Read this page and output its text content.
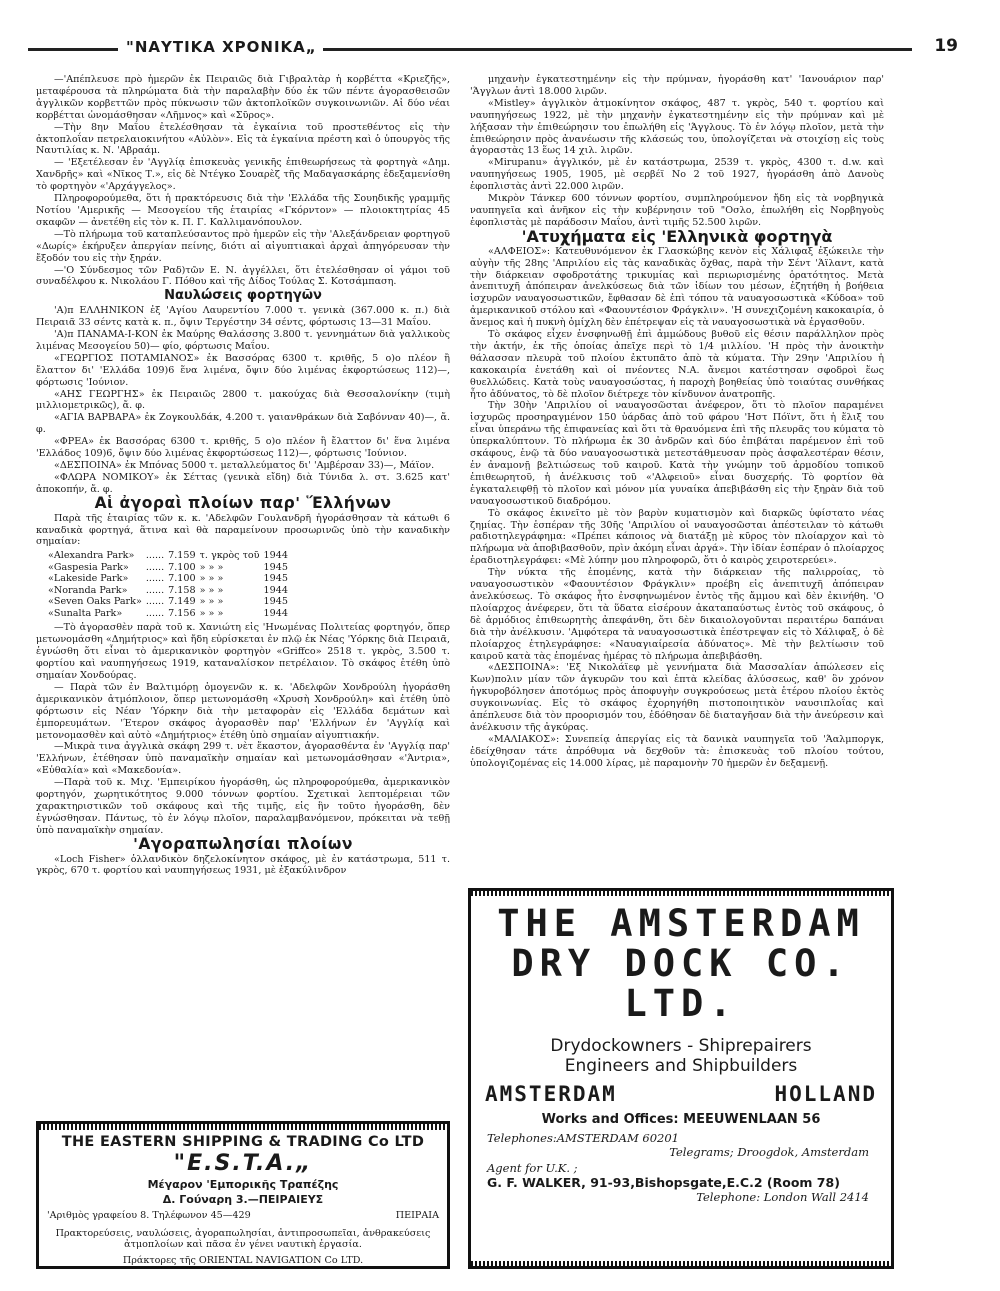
"ΝΑΥΤΙΚΑ ΧΡΟΝΙΚΑ„	19

—'Απέπλευσε πρὸ ἡμερῶν ἐκ Πειραιῶς διὰ Γιβραλτὰρ ἡ κορβέττα «Κριεζῆς», μεταφέρουσα τὰ πληρώματα διὰ τὴν παραλαβὴν δύο ἐκ τῶν πέντε ἀγορασθεισῶν ἀγγλικῶν κορβεττῶν πρὸς πύκνωσιν τῶν ἀκτοπλοϊκῶν συγκοινωνιῶν. Αἱ δύο νέαι κορβέτται ὠνομάσθησαν «Λῆμνος» καὶ «Σῦρος».

—Τὴν 8ην Μαΐου ἐτελέσθησαν τὰ ἐγκαίνια τοῦ προστεθέντος εἰς τὴν ἀκτοπλοΐαν πετρελαιοκινήτου «Αὐλὸν». Εἰς τὰ ἐγκαίνια πρέστη καὶ ὁ ὑπουργὸς τῆς Ναυτιλίας κ. Ν. 'Αβραάμ.

— 'Εξετέλεσαν ἐν 'Αγγλίᾳ ἐπισκευὰς γενικῆς ἐπιθεωρήσεως τὰ φορτηγὰ «Δημ. Χανδρῆς» καὶ «Νῖκος Τ.», εἰς δὲ Ντέγκο Σουαρὲζ τῆς Μαδαγασκάρης ἐδεξαμενίσθη τὸ φορτηγὸν «'Αρχάγγελος».

Πληροφορούμεθα, ὅτι ἡ πρακτόρευσις διὰ τὴν 'Ελλάδα τῆς Σουηδικῆς γραμμῆς Νοτίου 'Αμερικῆς — Μεσογείου τῆς ἑταιρίας «Γκόρντον» — πλοιοκτητρίας 45 σκαφῶν — ἀνετέθη εἰς τὸν κ. Π. Γ. Καλλιμανόπουλον.

—Τὸ πλήρωμα τοῦ καταπλεύσαντος πρὸ ἡμερῶν εἰς τὴν 'Αλεξάνδρειαν φορτηγοῦ «Δωρίς» ἐκήρυξεν ἀπεργίαν πείνης, διότι αἱ αἰγυπτιακαὶ ἀρχαὶ ἀπηγόρευσαν τὴν ἔξοδόν του εἰς τὴν ξηράν.

—'Ο Σύνδεσμος τῶν Ραδ)τῶν Ε. Ν. ἀγγέλλει, ὅτι ἐτελέσθησαν οἱ γάμοι τοῦ συναδέλφου κ. Νικολάου Γ. Πόθου καὶ τῆς Δίδος Τούλας Σ. Κοτσάμπαση.

Ναυλώσεις φορτηγῶν

'Α)π ΕΛΛΗΝΙΚΟΝ ἐξ 'Αγίου Λαυρεντίου 7.000 τ. γενικὰ (367.000 κ. π.) διὰ Πειραιᾶ 33 σέντς κατὰ κ. π., ὄψιν Τεργέστην 34 σέντς, φόρτωσις 13—31 Μαΐου.

'Α)π ΠΑΝΑΜΑ-Ι-ΚΟΝ ἐκ Μαύρης Θαλάσσης 3.800 τ. γεννημάτων διὰ γαλλικοὺς λιμένας Μεσογείου 50)— φίο, φόρτωσις Μαΐου.

«ΓΕΩΡΓΙΟΣ ΠΟΤΑΜΙΑΝΟΣ» ἐκ Βασσόρας 6300 τ. κριθῆς, 5 ο)ο πλέον ἢ ἔλαττον δι' 'Ελλάδα 109)6 ἕνα λιμένα, ὄψιν δύο λιμένας ἐκφορτώσεως 112)—, φόρτωσις 'Ιούνιον.

«ΑΗΣ ΓΕΩΡΓΗΣ» ἐκ Πειραιῶς 2800 τ. μακούχας διὰ Θεσσαλονίκην (τιμὴ μιλλιομετρικῶς), ἄ. φ.

«ΑΓΙΑ ΒΑΡΒΑΡΑ» ἐκ Ζογκουλδάκ, 4.200 τ. γαιανθράκων διὰ Σαβόνναν 40)—, ἄ. φ.

«ΦΡΕΑ» ἐκ Βασσόρας 6300 τ. κριθῆς, 5 ο)ο πλέον ἢ ἔλαττον δι' ἕνα λιμένα 'Ελλάδος 109)6, ὄψιν δύο λιμένας ἐκφορτώσεως 112)—, φόρτωσις 'Ιούνιον.

«ΔΕΣΠΟΙΝΑ» ἐκ Μπόνας 5000 τ. μεταλλεύματος δι' 'Αμβέρσαν 33)—, Μάϊον.

«ΦΛΩΡΑ ΝΟΜΙΚΟΥ» ἐκ Σέττας (γενικὰ εἴδη) διὰ Τύνιδα λ. στ. 3.625 κατ' ἀποκοπήν, ἄ. φ.

Αἱ ἀγοραὶ πλοίων παρ' Ἕλλήνων

Παρὰ τῆς ἑταιρίας τῶν κ. κ. 'Αδελφῶν Γουλανδρῆ ἠγοράσθησαν τὰ κάτωθι 6 καναδικὰ φορτηγά, ἅτινα καὶ θὰ παραμείνουν προσωρινῶς ὑπὸ τὴν καναδικὴν σημαίαν:

«Alexandra Park»	......	7.159	τ. γκρὸς τοῦ	1944
«Gaspesia Park»	......	7.100	» » »	1945
«Lakeside Park»	......	7.100	» » »	1945
«Noranda Park»	......	7.158	» » »	1944
«Seven Oaks Park»	......	7.149	» » »	1945
«Sunalta Park»	......	7.156	» » »	1944

—Τὸ ἀγορασθὲν παρὰ τοῦ κ. Χανιώτη εἰς 'Ηνωμένας Πολιτείας φορτηγόν, ὅπερ μετωνομάσθη «Δημήτριος» καὶ ἤδη εὑρίσκεται ἐν πλῷ ἐκ Νέας 'Υόρκης διὰ Πειραιᾶ, ἐγνώσθη ὅτι εἶναι τὸ ἀμερικανικὸν φορτηγὸν «Griffco» 2518 τ. γκρὸς, 3.500 τ. φορτίου καὶ ναυπηγήσεως 1919, καταναλίσκον πετρέλαιον. Τὸ σκάφος ἐτέθη ὑπὸ σημαίαν Χονδούρας.

— Παρὰ τῶν ἐν Βαλτιμόρῃ ὁμογενῶν κ. κ. 'Αδελφῶν Χονδρούλη ἠγοράσθη ἀμερικανικὸν ἀτμόπλοιον, ὅπερ μετωνομάσθη «Χρυσὴ Χονδρούλη» καὶ ἐτέθη ὑπὸ φόρτωσιν εἰς Νέαν 'Υόρκην διὰ τὴν μεταφορὰν εἰς 'Ελλάδα δεμάτων καὶ ἐμπορευμάτων. 'Έτερον σκάφος ἀγορασθὲν παρ' 'Ελλήνων ἐν 'Αγγλίᾳ καὶ μετονομασθὲν καὶ αὐτὸ «Δημήτριος» ἐτέθη ὑπὸ σημαίαν αἰγυπτιακήν.

—Μικρὰ τινα ἀγγλικὰ σκάφη 299 τ. νὲτ ἕκαστον, ἀγορασθέντα ἐν 'Αγγλίᾳ παρ' 'Ελλήνων, ἐτέθησαν ὑπὸ παναμαϊκὴν σημαίαν καὶ μετωνομάσθησαν «'Άντρια», «Εὐθαλία» καὶ «Μακεδονία».

—Παρὰ τοῦ κ. Μιχ. 'Εμπειρίκου ἠγοράσθη, ὡς πληροφορούμεθα, ἀμερικανικὸν φορτηγόν, χωρητικότητος 9.000 τόννων φορτίου. Σχετικαὶ λεπτομέρειαι τῶν χαρακτηριστικῶν τοῦ σκάφους καὶ τῆς τιμῆς, εἰς ἣν τοῦτο ἠγοράσθη, δὲν ἐγνώσθησαν. Πάντως, τὸ ἐν λόγῳ πλοῖον, παραλαμβανόμενον, πρόκειται νὰ τεθῇ ὑπὸ παναμαϊκὴν σημαίαν.

'Αγοραπωλησίαι πλοίων

«Loch Fisher» ὁλλανδικὸν δηζελοκίνητον σκάφος, μὲ ἐν κατάστρωμα, 511 τ. γκρὸς, 670 τ. φορτίου καὶ ναυπηγήσεως 1931, μὲ ἐξακύλινδρον

μηχανὴν ἐγκατεστημένην εἰς τὴν πρύμναν, ἠγοράσθη κατ' 'Ιανουάριον παρ' 'Άγγλων ἀντὶ 18.000 λιρῶν.

«Mistley» ἀγγλικὸν ἀτμοκίνητον σκάφος, 487 τ. γκρὸς, 540 τ. φορτίου καὶ ναυπηγήσεως 1922, μὲ τὴν μηχανὴν ἐγκατεστημένην εἰς τὴν πρύμναν καὶ μὲ λήξασαν τὴν ἐπιθεώρησιν του ἐπωλήθη εἰς 'Άγγλους. Τὸ ἐν λόγῳ πλοῖον, μετὰ τὴν ἐπιθεώρησιν πρὸς ἀνανέωσιν τῆς κλάσεώς του, ὑπολογίζεται νὰ στοιχίσῃ εἰς τοὺς ἀγοραστὰς 13 ἕως 14 χιλ. λιρῶν.

«Mirupanu» ἀγγλικόν, μὲ ἐν κατάστρωμα, 2539 τ. γκρὸς, 4300 τ. d.w. καὶ ναυπηγήσεως 1905, 1905, μὲ σερβέϊ No 2 τοῦ 1927, ἠγοράσθη ἀπὸ Δανοὺς ἐφοπλιστὰς ἀντὶ 22.000 λιρῶν.

Μικρὸν Τάνκερ 600 τόννων φορτίου, συμπληρούμενον ἤδη εἰς τὰ νορβηγικὰ ναυπηγεῖα καὶ ἀνῆκον εἰς τὴν κυβέρνησιν τοῦ "Οσλο, ἐπωλήθη εἰς Νορβηγοὺς ἐφοπλιστὰς μὲ παράδοσιν Μαΐου, ἀντὶ τιμῆς 52.500 λιρῶν.

'Ατυχήματα εἰς 'Ελληνικὰ φορτηγὰ

«ΑΛΦΕΙΟΣ»: Κατευθυνόμενον ἐκ Γλασκώβης κενὸν εἰς Χάλιφαξ ἐξώκειλε τὴν αὐγὴν τῆς 28ης 'Απριλίου εἰς τὰς καναδικὰς ὄχθας, παρὰ τὴν Σέντ 'Άϊλαντ, κατὰ τὴν διάρκειαν σφοδροτάτης τρικυμίας καὶ περιωρισμένης ὁρατότητος. Μετὰ ἀνεπιτυχῆ ἀπόπειραν ἀνελκύσεως διὰ τῶν ἰδίων του μέσων, ἐζητήθη ἡ βοήθεια ἰσχυρῶν ναυαγοσωστικῶν, ἔφθασαν δὲ ἐπὶ τόπου τὰ ναυαγοσωστικὰ «Κύδοα» τοῦ ἀμερικανικοῦ στόλου καὶ «Φαουντέσιον Φράγκλιν». 'Η συνεχιζομένη κακοκαιρία, ὁ ἄνεμος καὶ ἡ πυκνὴ ὁμίχλη δὲν ἐπέτρεψαν εἰς τὰ ναυαγοσωστικὰ νὰ ἐργασθοῦν.

Τὸ σκάφος εἶχεν ἐνσφηνωθῇ ἐπὶ ἀμμώδους βυθοῦ εἰς θέσιν παράλληλον πρὸς τὴν ἀκτήν, ἐκ τῆς ὁποίας ἀπεῖχε περὶ τὸ 1/4 μιλλίου. 'Η πρὸς τὴν ἀνοικτὴν θάλασσαν πλευρὰ τοῦ πλοίου ἐκτυπᾶτο ἀπὸ τὰ κύματα. Τὴν 29ην 'Απριλίου ἡ κακοκαιρία ἐνετάθη καὶ οἱ πνέοντες Ν.Α. ἄνεμοι κατέστησαν σφοδροὶ ἕως θυελλώδεις. Κατὰ τοὺς ναυαγοσώστας, ἡ παροχὴ βοηθείας ὑπὸ τοιαύτας συνθήκας ἦτο ἀδύνατος, τὸ δὲ πλοῖον διέτρεχε τὸν κίνδυνον ἀνατροπῆς.

Τὴν 30ὴν 'Απριλίου οἱ ναυαγοσῶσται ἀνέφερον, ὅτι τὸ πλοῖον παραμένει ἰσχυρῶς προσηραγμένον 150 ὑάρδας ἀπὸ τοῦ φάρου 'Ηστ Πόϊντ, ὅτι ἡ ἕλιξ του εἶναι ὑπεράνω τῆς ἐπιφανείας καὶ ὅτι τὰ θραυόμενα ἐπὶ τῆς πλευρᾶς του κύματα τὸ ὑπερκαλύπτουν. Τὸ πλήρωμα ἐκ 30 ἀνδρῶν καὶ δύο ἐπιβάται παρέμενον ἐπὶ τοῦ σκάφους, ἐνῷ τὰ δύο ναυαγοσωστικὰ μετεστάθμευσαν πρὸς ἀσφαλεστέραν θέσιν, ἐν ἀναμονῇ βελτιώσεως τοῦ καιροῦ. Κατὰ τὴν γνώμην τοῦ ἁρμοδίου τοπικοῦ ἐπιθεωρητοῦ, ἡ ἀνέλκυσις τοῦ «'Αλφειοῦ» εἶναι δυσχερής. Τὸ φορτίον θὰ ἐγκαταλειφθῇ τὸ πλοῖον καὶ μόνον μία γυναίκα ἀπεβιβάσθη εἰς τὴν ξηρὰν διὰ τοῦ ναυαγοσωστικοῦ διαδρόμου.

Τὸ σκάφος ἐκινεῖτο μὲ τὸν βαρὺν κυματισμὸν καὶ διαρκῶς ὑφίστατο νέας ζημίας. Τὴν ἑσπέραν τῆς 30ῆς 'Απριλίου οἱ ναυαγοσῶσται ἀπέστειλαν τὸ κάτωθι ραδιοτηλεγράφημα: «Πρέπει κάποιος νὰ διατάξῃ μὲ κῦρος τὸν πλοίαρχον καὶ τὸ πλήρωμα νὰ ἀποβιβασθοῦν, πρὶν ἀκόμη εἶναι ἀργά». Τὴν ἰδίαν ἑσπέραν ὁ πλοίαρχος ἐραδιοτηλεγράφει: «Μὲ λύπην μου πληροφορῶ, ὅτι ὁ καιρὸς χειροτερεύει».

Τὴν νύκτα τῆς ἑπομένης, κατὰ τὴν διάρκειαν τῆς παλιρροίας, τὸ ναυαγοσωστικὸν «Φαουντέσιον Φράγκλιν» προέβη εἰς ἀνεπιτυχῆ ἀπόπειραν ἀνελκύσεως. Τὸ σκάφος ἦτο ἐνσφηνωμένον ἐντὸς τῆς ἄμμου καὶ δὲν ἐκινήθη. 'Ο πλοίαρχος ἀνέφερεν, ὅτι τὰ ὕδατα εἰσέρουν ἀκαταπαύστως ἐντὸς τοῦ σκάφους, ὁ δὲ ἁρμόδιος ἐπιθεωρητὴς ἀπεφάνθη, ὅτι δὲν δικαιολογοῦνται περαιτέρω δαπάναι διὰ τὴν ἀνέλκυσιν. 'Αμφότερα τὰ ναυαγοσωστικὰ ἐπέστρεψαν εἰς τὸ Χάλιφαξ, ὁ δὲ πλοίαρχος ἐτηλεγράφησε: «Ναυαγιαίρεσία ἀδύνατος». Μὲ τὴν βελτίωσιν τοῦ καιροῦ κατὰ τὰς ἑπομένας ἡμέρας τὸ πλήρωμα ἀπεβιβάσθη.

«ΔΕΣΠΟΙΝΑ»: 'Εξ Νικολάϊεφ μὲ γεννήματα διὰ Μασσαλίαν ἀπώλεσεν εἰς Κων)πολιν μίαν τῶν ἀγκυρῶν του καὶ ἐπτὰ κλείδας ἁλύσσεως, καθ' ὃν χρόνον ἠγκυροβόλησεν ἀποτόμως πρὸς ἀποφυγὴν συγκρούσεως μετὰ ἑτέρου πλοίου ἐκτὸς συγκοινωνίας. Εἰς τὸ σκάφος ἐχορηγήθη πιστοποιητικὸν ναυσιπλοΐας καὶ ἀπέπλευσε διὰ τὸν προορισμόν του, ἐδόθησαν δὲ διαταγῆσαν διὰ τὴν ἀνεύρεσιν καὶ ἀνέλκυσιν τῆς ἀγκύρας.

«ΜΑΛΙΑΚΟΣ»: Συνεπείᾳ ἀπεργίας εἰς τὰ δανικὰ ναυπηγεῖα τοῦ 'Άαλμποργκ, ἐδείχθησαν τάτε ἀπρόθυμα νὰ δεχθοῦν τὰ: ἐπισκευὰς τοῦ πλοίου τούτου, ὑπολογιζομένας εἰς 14.000 λίρας, μὲ παραμονὴν 70 ἡμερῶν ἐν δεξαμενῇ.

THE EASTERN SHIPPING & TRADING Co LTD
"E.S.T.A.„
Μέγαρον 'Εμπορικῆς Τραπέζης
Δ. Γούναρη 3.—ΠΕΙΡΑΙΕΥΣ
'Αριθμὸς γραφείου 8. Τηλέφωνον 45—429	ΠΕΙΡΑΙΑ
Πρακτορεύσεις, ναυλώσεις, ἀγοραπωλησίαι, ἀντιπροσωπεῖαι, ἀνθρακεύσεις ἀτμοπλοίων καὶ πᾶσα ἐν γένει ναυτικὴ ἐργασία.
Πράκτορες τῆς ORIENTAL NAVIGATION Co LTD.
THE AMSTERDAM
DRY DOCK CO. LTD.
Drydockowners - Shiprepairers
Engineers and Shipbuilders
AMSTERDAM	HOLLAND
Works and Offices: MEEUWENLAAN 56
Telephones:AMSTERDAM 60201
Telegrams; Droogdok, Amsterdam
Agent for U.K. ;
G. F. WALKER, 91-93,Bishopsgate,E.C.2 (Room 78)
Telephone: London Wall 2414
